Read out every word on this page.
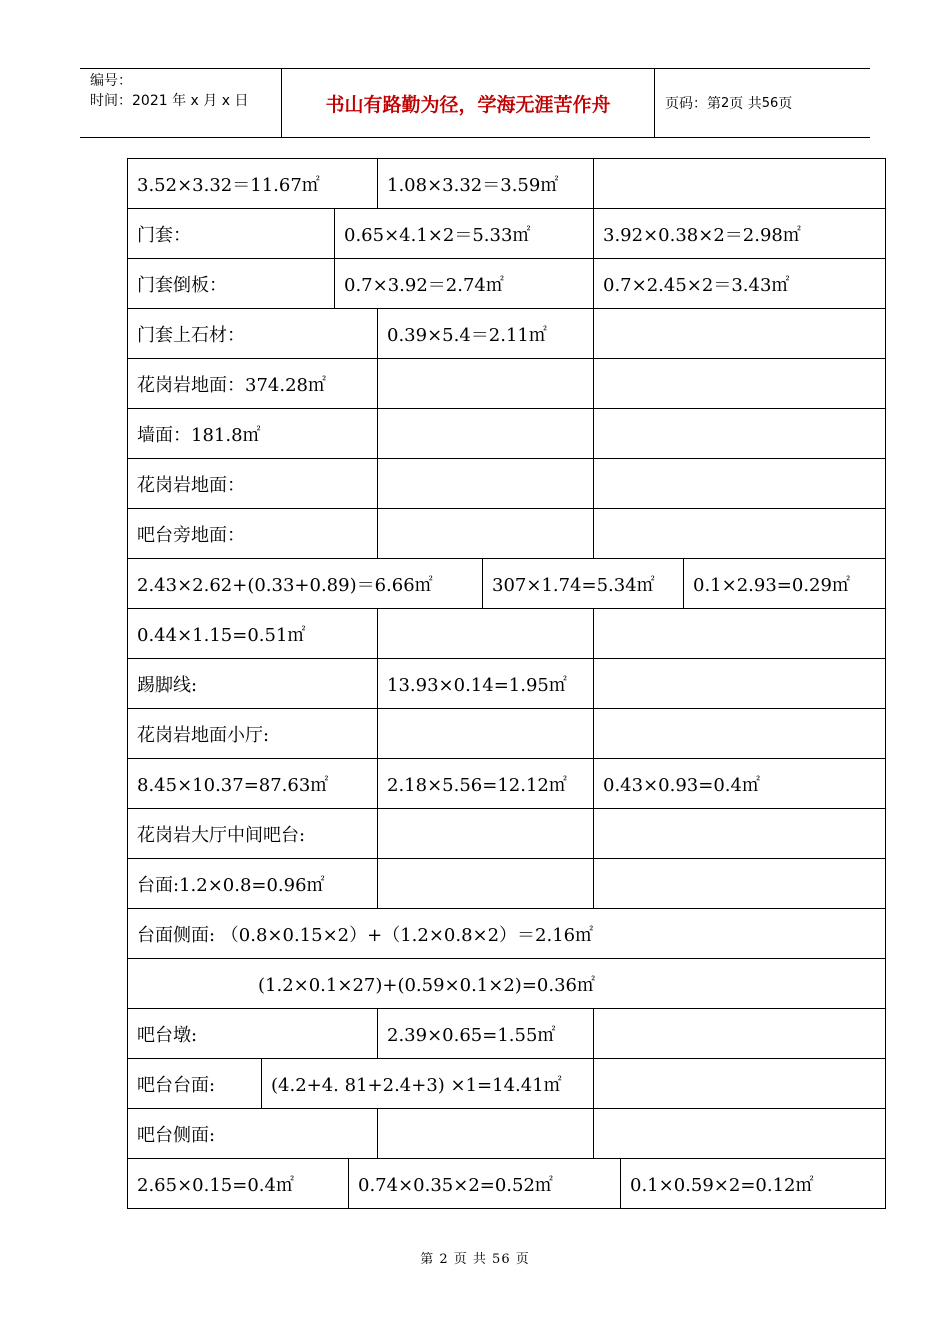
编号：
时间：2021 年 x 月 x 日	书山有路勤为径，学海无涯苦作舟	页码：第 2 页 共 56 页
3.52×3.32＝11.67㎡	1.08×3.32＝3.59㎡
门套：	0.65×4.1×2＝5.33㎡	3.92×0.38×2＝2.98㎡
门套倒板：	0.7×3.92＝2.74㎡	0.7×2.45×2＝3.43㎡
门套上石材：	0.39×5.4＝2.11㎡
花岗岩地面：374.28㎡
墙面：181.8㎡
花岗岩地面：
吧台旁地面：
2.43×2.62+(0.33+0.89)＝6.66㎡	307×1.74=5.34㎡	0.1×2.93=0.29㎡
0.44×1.15=0.51㎡
踢脚线:	13.93×0.14=1.95㎡
花岗岩地面小厅:
8.45×10.37=87.63㎡	2.18×5.56=12.12㎡	0.43×0.93=0.4㎡
花岗岩大厅中间吧台:
台面:1.2×0.8=0.96㎡
台面侧面: （0.8×0.15×2）+（1.2×0.8×2）＝2.16㎡
(1.2×0.1×27)+(0.59×0.1×2)=0.36㎡
吧台墩:	2.39×0.65=1.55㎡
吧台台面:	(4.2+4. 81+2.4+3) ×1=14.41㎡
吧台侧面:
2.65×0.15=0.4㎡	0.74×0.35×2=0.52㎡	0.1×0.59×2=0.12㎡
第 2 页 共 56 页
